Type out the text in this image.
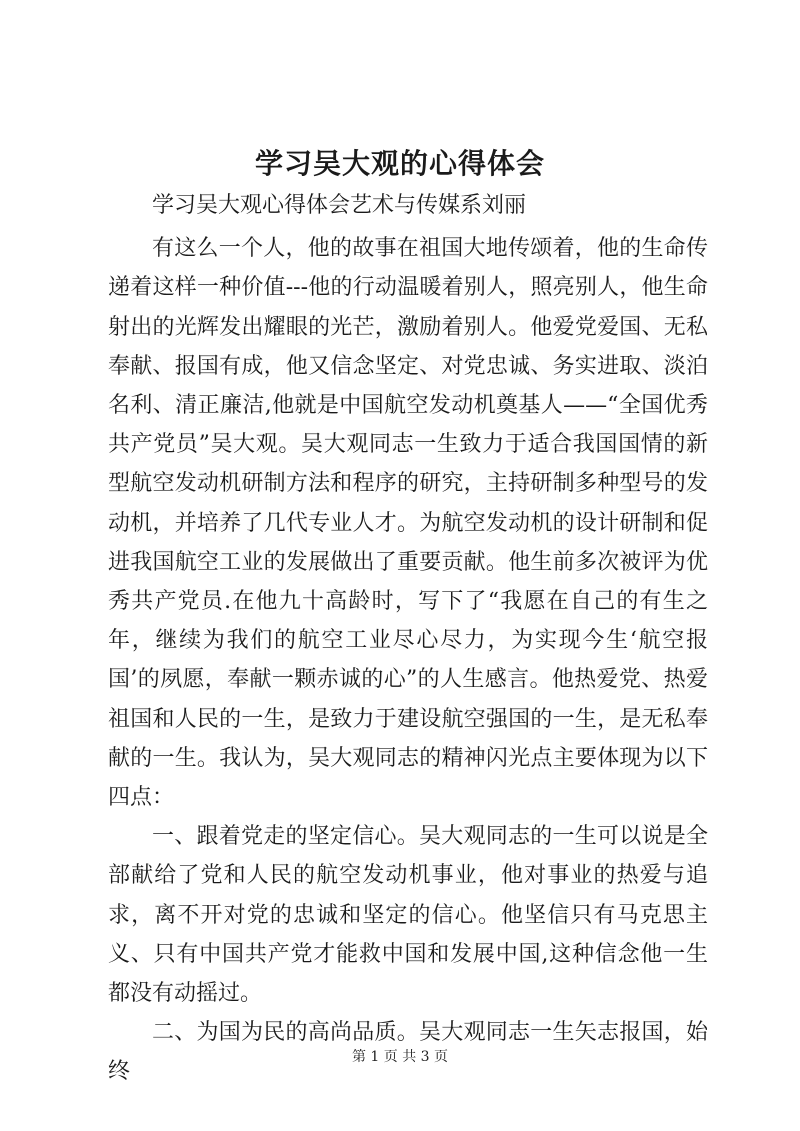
学习吴大观的心得体会

学习吴大观心得体会艺术与传媒系刘丽

有这么一个人，他的故事在祖国大地传颂着，他的生命传递着这样一种价值---他的行动温暖着别人，照亮别人，他生命射出的光辉发出耀眼的光芒，激励着别人。他爱党爱国、无私奉献、报国有成，他又信念坚定、对党忠诚、务实进取、淡泊名利、清正廉洁,他就是中国航空发动机奠基人——“全国优秀共产党员”吴大观。吴大观同志一生致力于适合我国国情的新型航空发动机研制方法和程序的研究，主持研制多种型号的发动机，并培养了几代专业人才。为航空发动机的设计研制和促进我国航空工业的发展做出了重要贡献。他生前多次被评为优秀共产党员.在他九十高龄时，写下了“我愿在自己的有生之年，继续为我们的航空工业尽心尽力，为实现今生‘航空报国’的夙愿，奉献一颗赤诚的心”的人生感言。他热爱党、热爱祖国和人民的一生，是致力于建设航空强国的一生，是无私奉献的一生。我认为，吴大观同志的精神闪光点主要体现为以下四点：

一、跟着党走的坚定信心。吴大观同志的一生可以说是全部献给了党和人民的航空发动机事业，他对事业的热爱与追求，离不开对党的忠诚和坚定的信心。他坚信只有马克思主义、只有中国共产党才能救中国和发展中国,这种信念他一生都没有动摇过。

二、为国为民的高尚品质。吴大观同志一生矢志报国，始终

第 1 页 共 3 页
